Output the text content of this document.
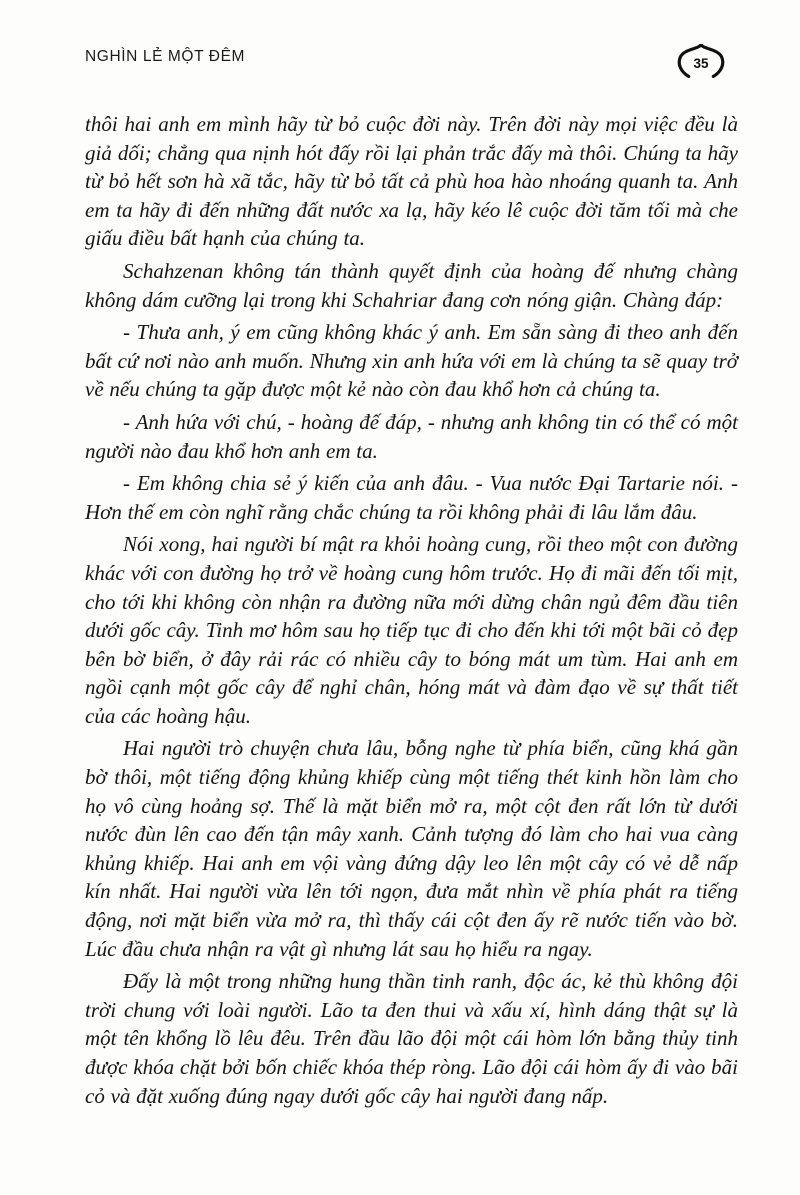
NGHÌN LẺ MỘT ĐÊM	35

thôi hai anh em mình hãy từ bỏ cuộc đời này. Trên đời này mọi việc đều là giả dối; chẳng qua nịnh hót đấy rồi lại phản trắc đấy mà thôi. Chúng ta hãy từ bỏ hết sơn hà xã tắc, hãy từ bỏ tất cả phù hoa hào nhoáng quanh ta. Anh em ta hãy đi đến những đất nước xa lạ, hãy kéo lê cuộc đời tăm tối mà che giấu điều bất hạnh của chúng ta.

Schahzenan không tán thành quyết định của hoàng đế nhưng chàng không dám cưỡng lại trong khi Schahriar đang cơn nóng giận. Chàng đáp:

- Thưa anh, ý em cũng không khác ý anh. Em sẵn sàng đi theo anh đến bất cứ nơi nào anh muốn. Nhưng xin anh hứa với em là chúng ta sẽ quay trở về nếu chúng ta gặp được một kẻ nào còn đau khổ hơn cả chúng ta.

- Anh hứa với chú, - hoàng đế đáp, - nhưng anh không tin có thể có một người nào đau khổ hơn anh em ta.

- Em không chia sẻ ý kiến của anh đâu. - Vua nước Đại Tartarie nói. - Hơn thế em còn nghĩ rằng chắc chúng ta rồi không phải đi lâu lắm đâu.

Nói xong, hai người bí mật ra khỏi hoàng cung, rồi theo một con đường khác với con đường họ trở về hoàng cung hôm trước. Họ đi mãi đến tối mịt, cho tới khi không còn nhận ra đường nữa mới dừng chân ngủ đêm đầu tiên dưới gốc cây. Tinh mơ hôm sau họ tiếp tục đi cho đến khi tới một bãi cỏ đẹp bên bờ biển, ở đây rải rác có nhiều cây to bóng mát um tùm. Hai anh em ngồi cạnh một gốc cây để nghỉ chân, hóng mát và đàm đạo về sự thất tiết của các hoàng hậu.

Hai người trò chuyện chưa lâu, bỗng nghe từ phía biển, cũng khá gần bờ thôi, một tiếng động khủng khiếp cùng một tiếng thét kinh hồn làm cho họ vô cùng hoảng sợ. Thế là mặt biển mở ra, một cột đen rất lớn từ dưới nước đùn lên cao đến tận mây xanh. Cảnh tượng đó làm cho hai vua càng khủng khiếp. Hai anh em vội vàng đứng dậy leo lên một cây có vẻ dễ nấp kín nhất. Hai người vừa lên tới ngọn, đưa mắt nhìn về phía phát ra tiếng động, nơi mặt biển vừa mở ra, thì thấy cái cột đen ấy rẽ nước tiến vào bờ. Lúc đầu chưa nhận ra vật gì nhưng lát sau họ hiểu ra ngay.

Đấy là một trong những hung thần tinh ranh, độc ác, kẻ thù không đội trời chung với loài người. Lão ta đen thui và xấu xí, hình dáng thật sự là một tên khổng lồ lêu đêu. Trên đầu lão đội một cái hòm lớn bằng thủy tinh được khóa chặt bởi bốn chiếc khóa thép ròng. Lão đội cái hòm ấy đi vào bãi cỏ và đặt xuống đúng ngay dưới gốc cây hai người đang nấp.
